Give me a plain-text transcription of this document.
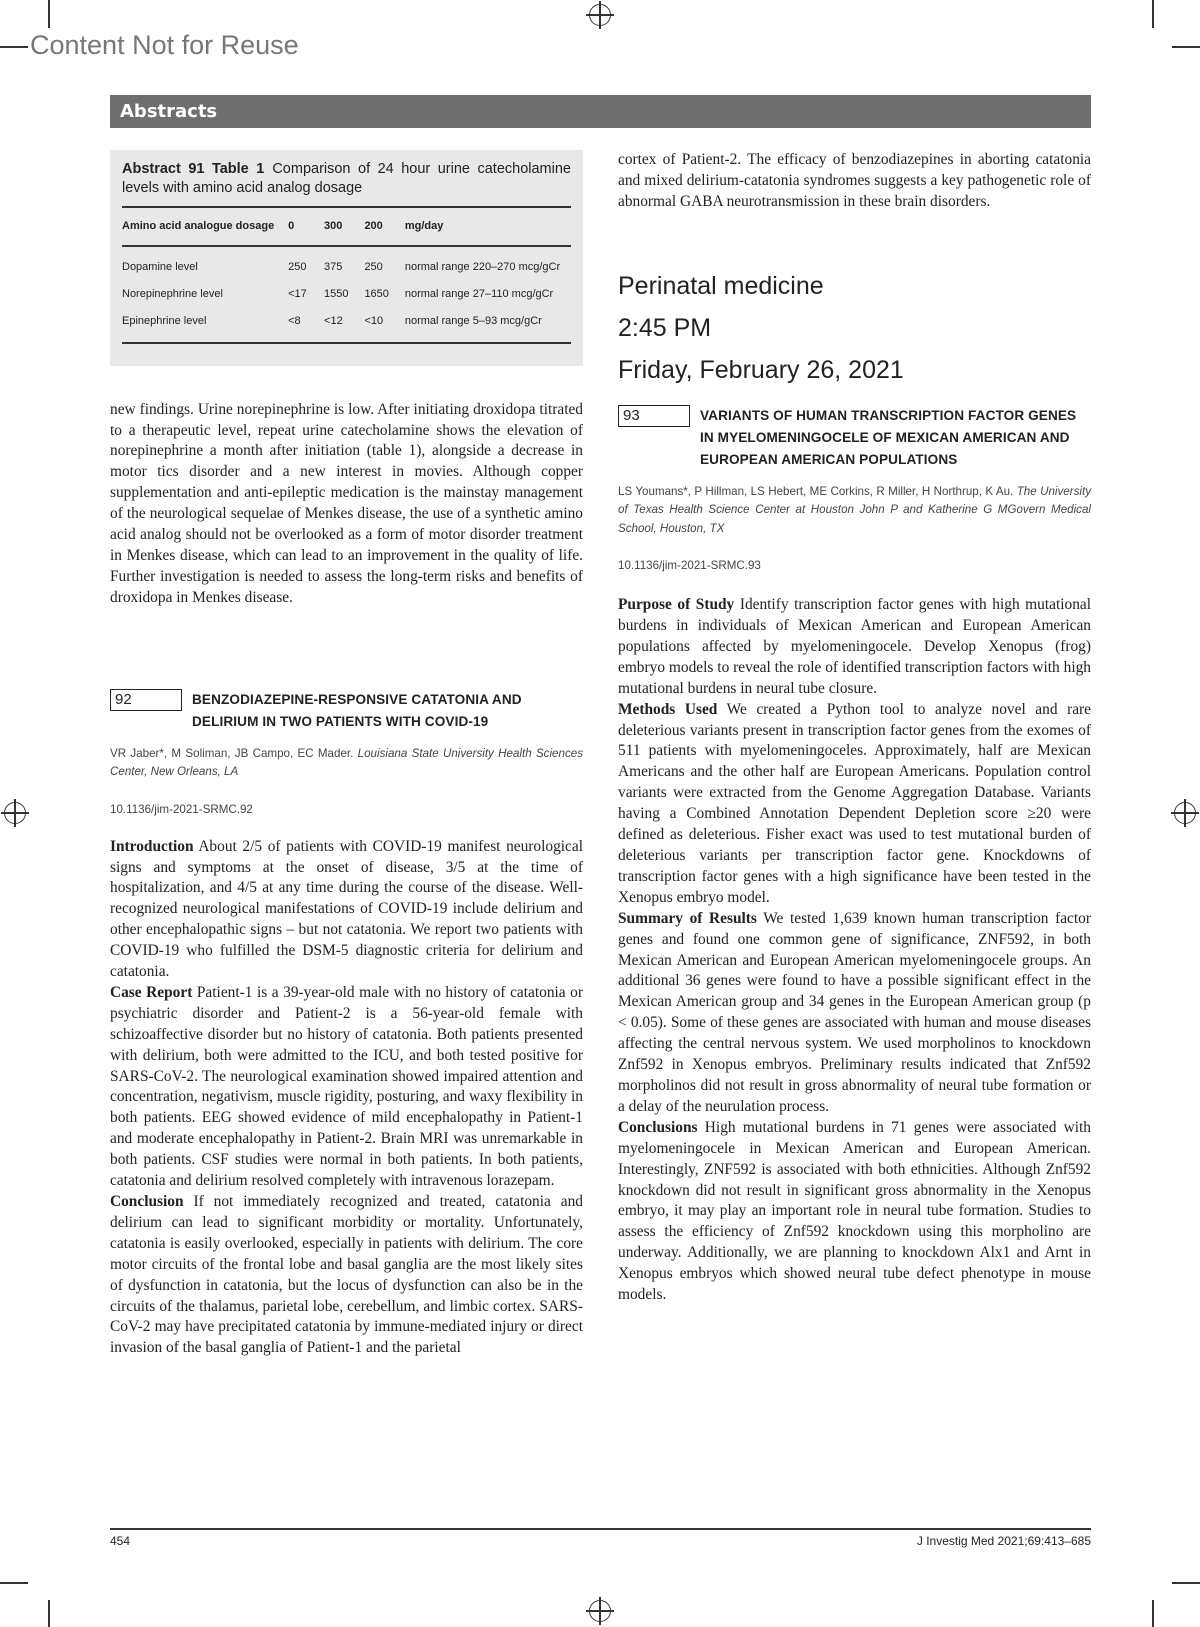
Content Not for Reuse
Abstracts
Abstract 91 Table 1 Comparison of 24 hour urine catecholamine levels with amino acid analog dosage
Amino acid analogue dosage	0	300	200	mg/day
Dopamine level	250	375	250	normal range 220–270 mcg/gCr
Norepinephrine level	<17	1550	1650	normal range 27–110 mcg/gCr
Epinephrine level	<8	<12	<10	normal range 5–93 mcg/gCr

new findings. Urine norepinephrine is low. After initiating droxidopa titrated to a therapeutic level, repeat urine catecholamine shows the elevation of norepinephrine a month after initiation (table 1), alongside a decrease in motor tics disorder and a new interest in movies. Although copper supplementation and anti-epileptic medication is the mainstay management of the neurological sequelae of Menkes disease, the use of a synthetic amino acid analog should not be overlooked as a form of motor disorder treatment in Menkes disease, which can lead to an improvement in the quality of life. Further investigation is needed to assess the long-term risks and benefits of droxidopa in Menkes disease.

92	BENZODIAZEPINE-RESPONSIVE CATATONIA AND DELIRIUM IN TWO PATIENTS WITH COVID-19
VR Jaber*, M Soliman, JB Campo, EC Mader. Louisiana State University Health Sciences Center, New Orleans, LA
10.1136/jim-2021-SRMC.92

Introduction About 2/5 of patients with COVID-19 manifest neurological signs and symptoms at the onset of disease, 3/5 at the time of hospitalization, and 4/5 at any time during the course of the disease. Well-recognized neurological manifestations of COVID-19 include delirium and other encephalopathic signs – but not catatonia. We report two patients with COVID-19 who fulfilled the DSM-5 diagnostic criteria for delirium and catatonia.

Case Report Patient-1 is a 39-year-old male with no history of catatonia or psychiatric disorder and Patient-2 is a 56-year-old female with schizoaffective disorder but no history of catatonia. Both patients presented with delirium, both were admitted to the ICU, and both tested positive for SARS-CoV-2. The neurological examination showed impaired attention and concentration, negativism, muscle rigidity, posturing, and waxy flexibility in both patients. EEG showed evidence of mild encephalopathy in Patient-1 and moderate encephalopathy in Patient-2. Brain MRI was unremarkable in both patients. CSF studies were normal in both patients. In both patients, catatonia and delirium resolved completely with intravenous lorazepam.

Conclusion If not immediately recognized and treated, catatonia and delirium can lead to significant morbidity or mortality. Unfortunately, catatonia is easily overlooked, especially in patients with delirium. The core motor circuits of the frontal lobe and basal ganglia are the most likely sites of dysfunction in catatonia, but the locus of dysfunction can also be in the circuits of the thalamus, parietal lobe, cerebellum, and limbic cortex. SARS-CoV-2 may have precipitated catatonia by immune-mediated injury or direct invasion of the basal ganglia of Patient-1 and the parietal

cortex of Patient-2. The efficacy of benzodiazepines in aborting catatonia and mixed delirium-catatonia syndromes suggests a key pathogenetic role of abnormal GABA neurotransmission in these brain disorders.

Perinatal medicine
2:45 PM
Friday, February 26, 2021
93	VARIANTS OF HUMAN TRANSCRIPTION FACTOR GENES IN MYELOMENINGOCELE OF MEXICAN AMERICAN AND EUROPEAN AMERICAN POPULATIONS
LS Youmans*, P Hillman, LS Hebert, ME Corkins, R Miller, H Northrup, K Au. The University of Texas Health Science Center at Houston John P and Katherine G MGovern Medical School, Houston, TX
10.1136/jim-2021-SRMC.93

Purpose of Study Identify transcription factor genes with high mutational burdens in individuals of Mexican American and European American populations affected by myelomeningocele. Develop Xenopus (frog) embryo models to reveal the role of identified transcription factors with high mutational burdens in neural tube closure.

Methods Used We created a Python tool to analyze novel and rare deleterious variants present in transcription factor genes from the exomes of 511 patients with myelomeningoceles. Approximately, half are Mexican Americans and the other half are European Americans. Population control variants were extracted from the Genome Aggregation Database. Variants having a Combined Annotation Dependent Depletion score ≥20 were defined as deleterious. Fisher exact was used to test mutational burden of deleterious variants per transcription factor gene. Knockdowns of transcription factor genes with a high significance have been tested in the Xenopus embryo model.

Summary of Results We tested 1,639 known human transcription factor genes and found one common gene of significance, ZNF592, in both Mexican American and European American myelomeningocele groups. An additional 36 genes were found to have a possible significant effect in the Mexican American group and 34 genes in the European American group (p < 0.05). Some of these genes are associated with human and mouse diseases affecting the central nervous system. We used morpholinos to knockdown Znf592 in Xenopus embryos. Preliminary results indicated that Znf592 morpholinos did not result in gross abnormality of neural tube formation or a delay of the neurulation process.

Conclusions High mutational burdens in 71 genes were associated with myelomeningocele in Mexican American and European American. Interestingly, ZNF592 is associated with both ethnicities. Although Znf592 knockdown did not result in significant gross abnormality in the Xenopus embryo, it may play an important role in neural tube formation. Studies to assess the efficiency of Znf592 knockdown using this morpholino are underway. Additionally, we are planning to knockdown Alx1 and Arnt in Xenopus embryos which showed neural tube defect phenotype in mouse models.

454	J Investig Med 2021;69:413–685
